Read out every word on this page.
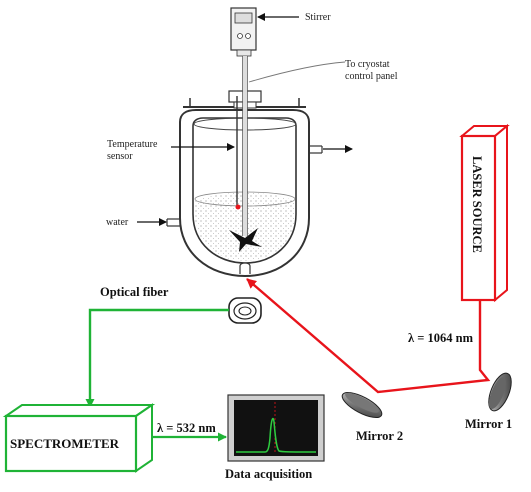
Stirrer
To cryostat
control panel
Temperature
sensor
water	LASER SOURCE
λ = 1064 nm
Mirror 1
Mirror 2
Optical fiber
SPECTROMETER
λ = 532 nm
Data acquisition
